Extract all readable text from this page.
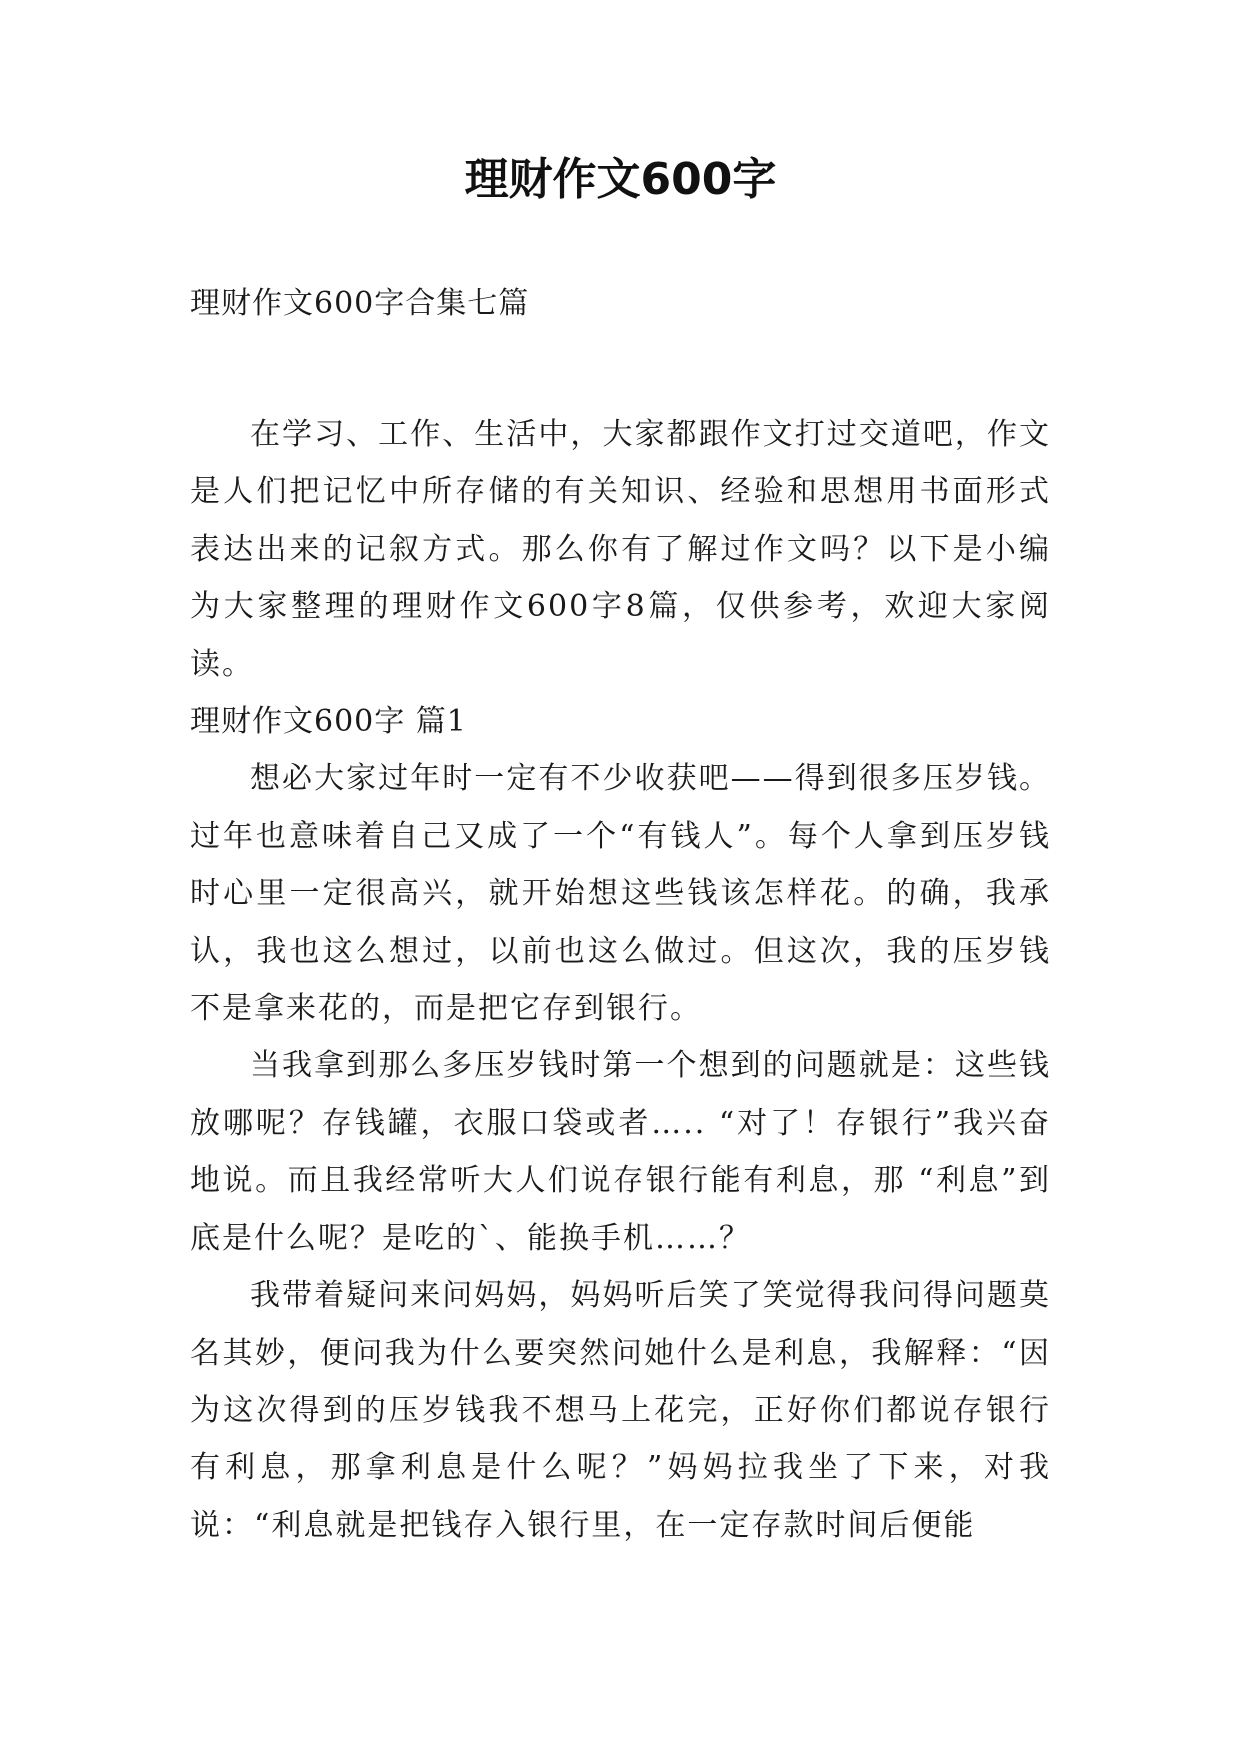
理财作文600字
理财作文600字合集七篇

在学习、工作、生活中，大家都跟作文打过交道吧，作文是人们把记忆中所存储的有关知识、经验和思想用书面形式表达出来的记叙方式。那么你有了解过作文吗？以下是小编为大家整理的理财作文600字8篇，仅供参考，欢迎大家阅读。

理财作文600字 篇1

想必大家过年时一定有不少收获吧——得到很多压岁钱。过年也意味着自己又成了一个“有钱人”。每个人拿到压岁钱时心里一定很高兴，就开始想这些钱该怎样花。的确，我承认，我也这么想过，以前也这么做过。但这次，我的压岁钱不是拿来花的，而是把它存到银行。

当我拿到那么多压岁钱时第一个想到的问题就是：这些钱放哪呢？存钱罐，衣服口袋或者….. “对了！存银行”我兴奋地说。而且我经常听大人们说存银行能有利息，那 “利息”到底是什么呢？是吃的`、能换手机……？

我带着疑问来问妈妈，妈妈听后笑了笑觉得我问得问题莫名其妙，便问我为什么要突然问她什么是利息，我解释：“因为这次得到的压岁钱我不想马上花完，正好你们都说存银行有利息，那拿利息是什么呢？”妈妈拉我坐了下来，对我说：“利息就是把钱存入银行里，在一定存款时间后便能
